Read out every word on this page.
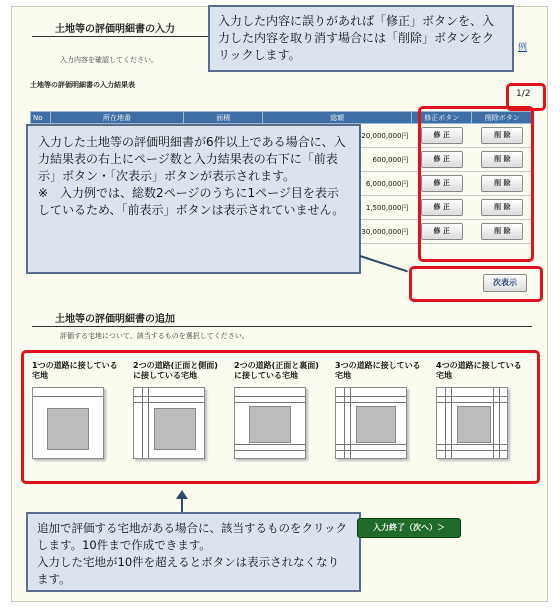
土地等の評価明細書の入力
例
入力内容を確認してください。
土地等の評価明細書の入力結果表
1/2
No	所在地番	面積	総額	修正ボタン	削除ボタン
			20,000,000円	修 正	削 除
			600,000円	修 正	削 除
			6,000,000円	修 正	削 除
			1,500,000円	修 正	削 除
			30,000,000円	修 正	削 除
次表示
入力した内容に誤りがあれば「修正」ボタンを、入力した内容を取り消す場合には「削除」ボタンをクリックします。
入力した土地等の評価明細書が6件以上である場合に、入力結果表の右上にページ数と入力結果表の右下に「前表示」ボタン・「次表示」ボタンが表示されます。
※　入力例では、総数2ページのうちに1ページ目を表示しているため、「前表示」ボタンは表示されていません。
土地等の評価明細書の追加
評価する宅地について、該当するものを選択してください。
1つの道路に接している宅地
2つの道路(正面と側面)に接している宅地
2つの道路(正面と裏面)に接している宅地
3つの道路に接している宅地
4つの道路に接している宅地
追加で評価する宅地がある場合に、該当するものをクリックします。10件まで作成できます。
入力した宅地が10件を超えるとボタンは表示されなくなります。
入力終了（次へ）＞
